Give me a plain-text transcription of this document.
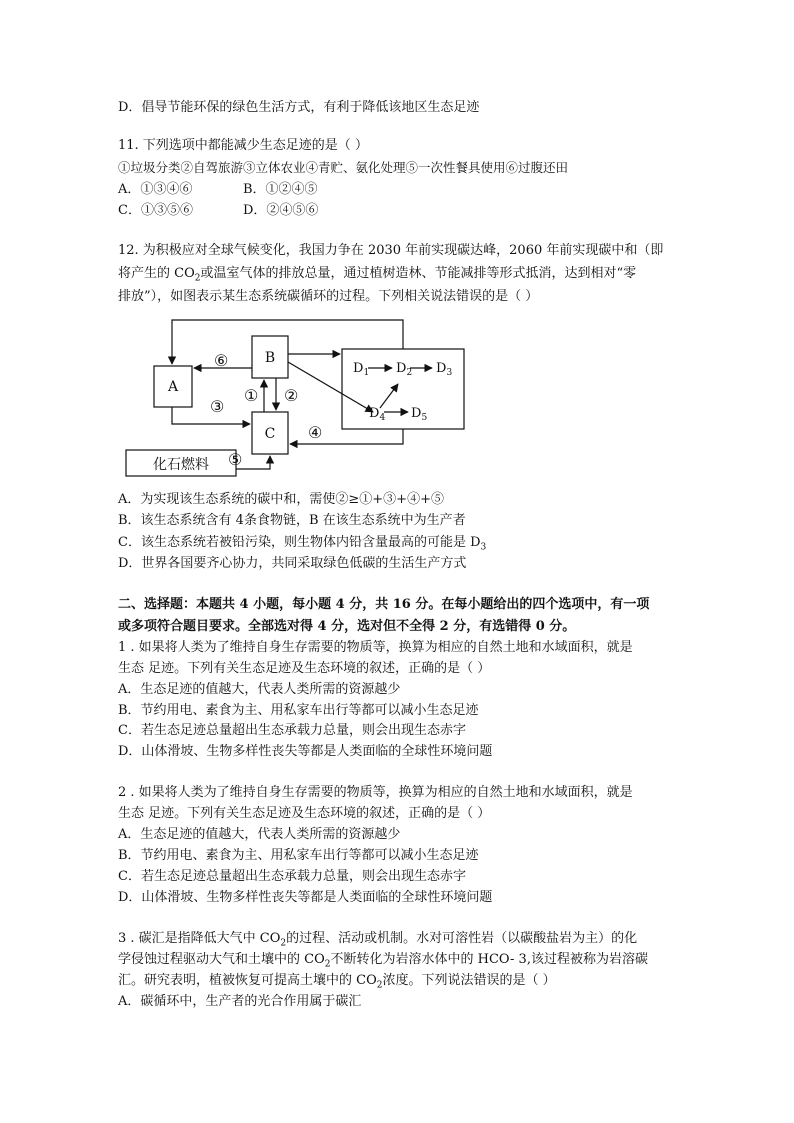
D．倡导节能环保的绿色生活方式，有利于降低该地区生态足迹
11. 下列选项中都能减少生态足迹的是（ ）
①垃圾分类②自驾旅游③立体农业④青贮、氨化处理⑤一次性餐具使用⑥过腹还田
A．①③④⑥	B．①②④⑤
C．①③⑤⑥	D．②④⑤⑥
12. 为积极应对全球气候变化，我国力争在 2030 年前实现碳达峰，2060 年前实现碳中和（即
将产生的 $CO_2$或温室气体的排放总量，通过植树造林、节能减排等形式抵消，达到相对“零
排放”），如图表示某生态系统碳循环的过程。下列相关说法错误的是（ ）
A
B
C
化石燃料
$D_1$ $D_2$ $D_3$
$D_4$ $D_5$
⑥
① ②
③
④
⑤
A．为实现该生态系统的碳中和，需使②≥①+③+④+⑤
B．该生态系统含有 4条食物链，B 在该生态系统中为生产者
C．该生态系统若被铅污染，则生物体内铅含量最高的可能是 $D_3$
D．世界各国要齐心协力，共同采取绿色低碳的生活生产方式
二、选择题：本题共 4 小题，每小题 4 分，共 16 分。在每小题给出的四个选项中，有一项
或多项符合题目要求。全部选对得 4 分，选对但不全得 2 分，有选错得 0 分。
1 . 如果将人类为了维持自身生存需要的物质等，换算为相应的自然土地和水域面积，就是
生态 足迹。下列有关生态足迹及生态环境的叙述，正确的是（ ）
A．生态足迹的值越大，代表人类所需的资源越少
B．节约用电、素食为主、用私家车出行等都可以减小生态足迹
C．若生态足迹总量超出生态承载力总量，则会出现生态赤字
D．山体滑坡、生物多样性丧失等都是人类面临的全球性环境问题
2 . 如果将人类为了维持自身生存需要的物质等，换算为相应的自然土地和水域面积，就是
生态 足迹。下列有关生态足迹及生态环境的叙述，正确的是（ ）
A．生态足迹的值越大，代表人类所需的资源越少
B．节约用电、素食为主、用私家车出行等都可以减小生态足迹
C．若生态足迹总量超出生态承载力总量，则会出现生态赤字
D．山体滑坡、生物多样性丧失等都是人类面临的全球性环境问题
3 . 碳汇是指降低大气中 $CO_2$的过程、活动或机制。水对可溶性岩（以碳酸盐岩为主）的化
学侵蚀过程驱动大气和土壤中的 $CO_2$不断转化为岩溶水体中的 HCO- 3,该过程被称为岩溶碳
汇。研究表明，植被恢复可提高土壤中的 $CO_2$浓度。下列说法错误的是（ ）
A．碳循环中，生产者的光合作用属于碳汇
